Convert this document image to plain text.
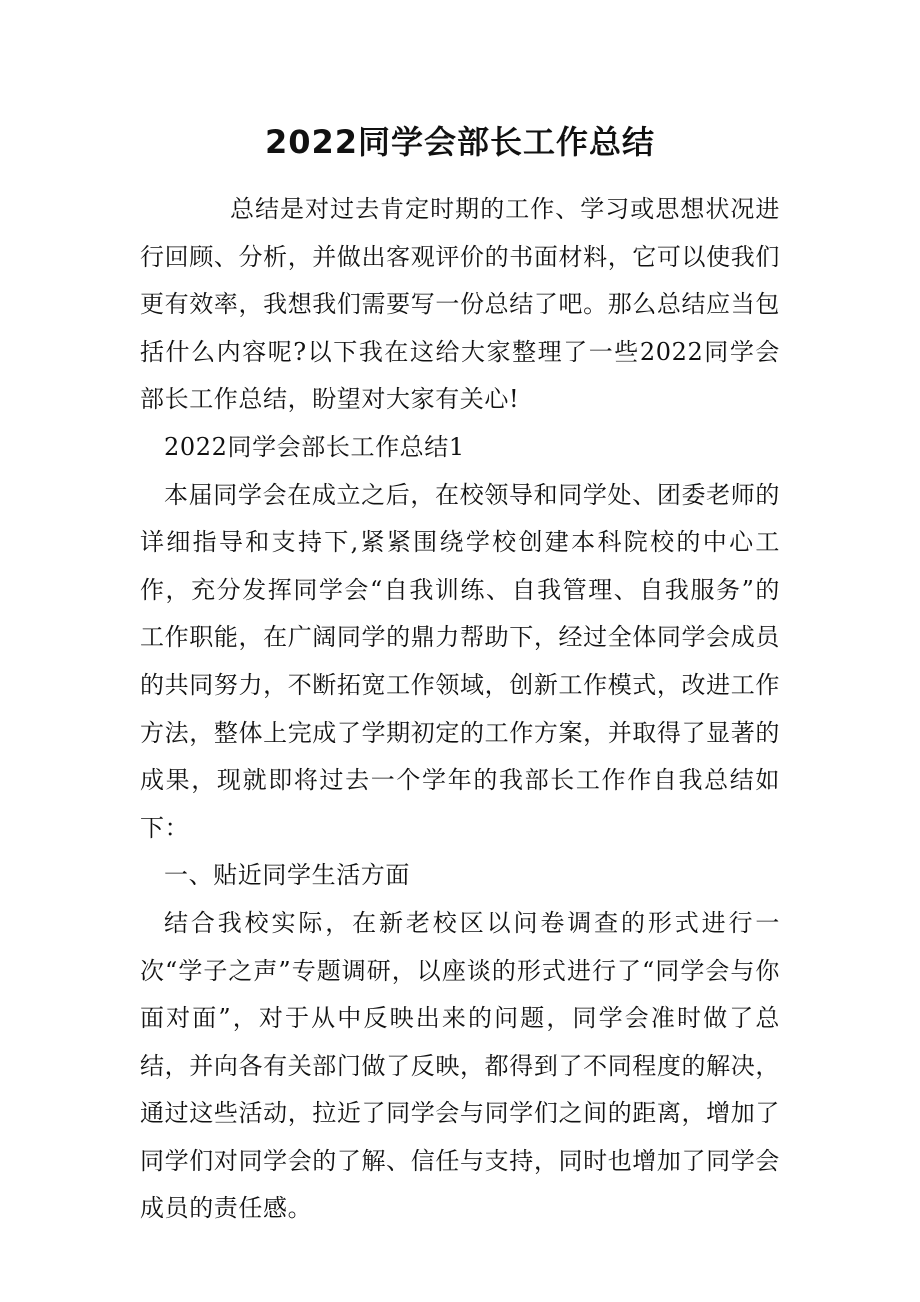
2022同学会部长工作总结

总结是对过去肯定时期的工作、学习或思想状况进行回顾、分析，并做出客观评价的书面材料，它可以使我们更有效率，我想我们需要写一份总结了吧。那么总结应当包括什么内容呢?以下我在这给大家整理了一些2022同学会部长工作总结，盼望对大家有关心!

2022同学会部长工作总结1

本届同学会在成立之后，在校领导和同学处、团委老师的详细指导和支持下,紧紧围绕学校创建本科院校的中心工作，充分发挥同学会“自我训练、自我管理、自我服务”的工作职能，在广阔同学的鼎力帮助下，经过全体同学会成员的共同努力，不断拓宽工作领域，创新工作模式，改进工作方法，整体上完成了学期初定的工作方案，并取得了显著的成果，现就即将过去一个学年的我部长工作作自我总结如下：

一、贴近同学生活方面

结合我校实际，在新老校区以问卷调查的形式进行一次“学子之声”专题调研，以座谈的形式进行了“同学会与你面对面”，对于从中反映出来的问题，同学会准时做了总结，并向各有关部门做了反映，都得到了不同程度的解决，通过这些活动，拉近了同学会与同学们之间的距离，增加了同学们对同学会的了解、信任与支持，同时也增加了同学会成员的责任感。
